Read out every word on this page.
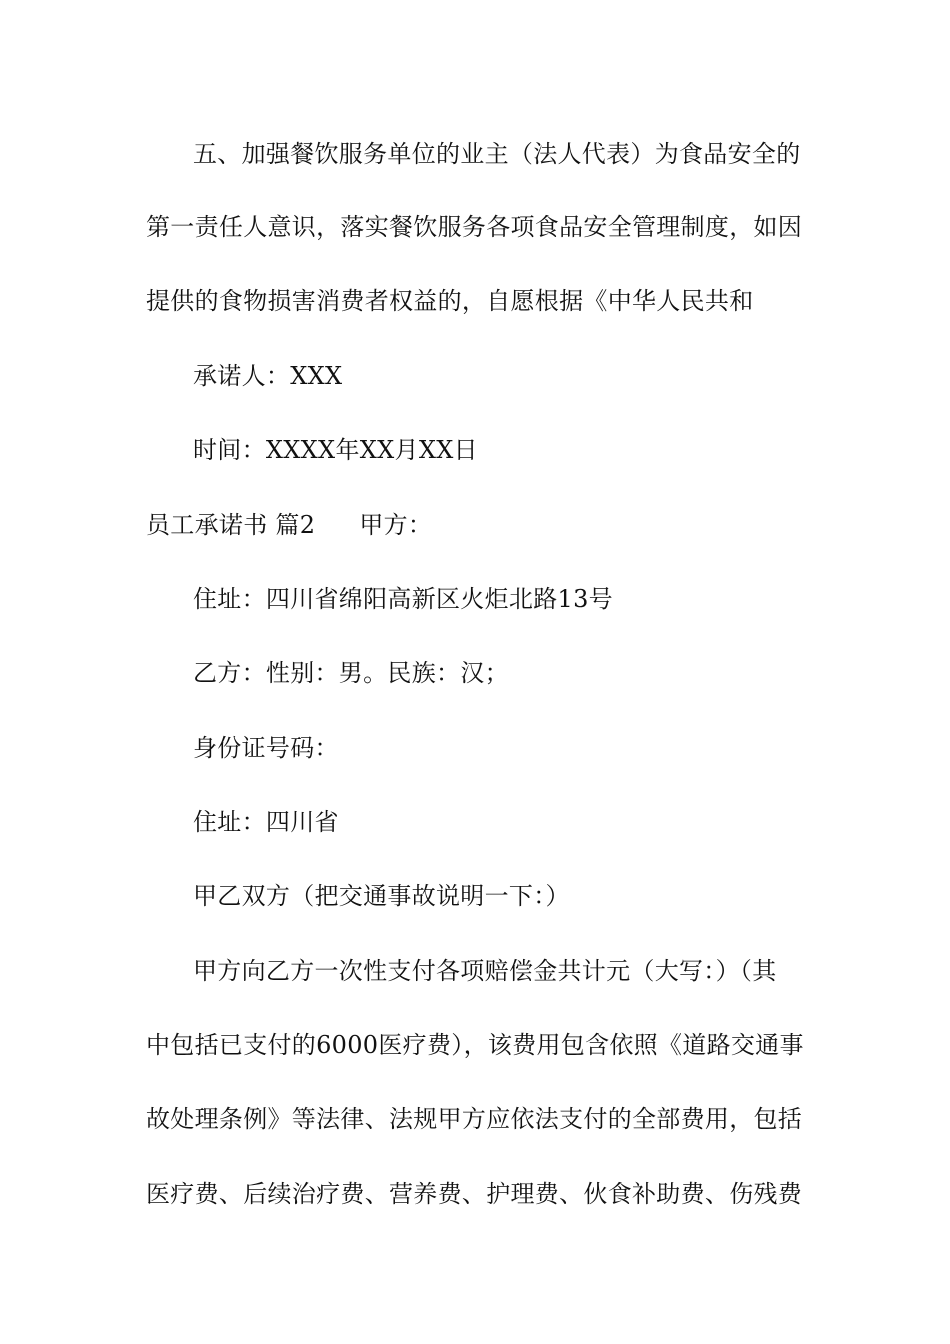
五、加强餐饮服务单位的业主（法人代表）为食品安全的
第一责任人意识，落实餐饮服务各项食品安全管理制度，如因
提供的食物损害消费者权益的，自愿根据《中华人民共和
承诺人：XXX
时间：XXXX年XX月XX日
员工承诺书 篇2 甲方：
住址：四川省绵阳高新区火炬北路13号
乙方：性别：男。民族：汉；
身份证号码：
住址：四川省
甲乙双方（把交通事故说明一下：）
甲方向乙方一次性支付各项赔偿金共计元（大写：）（其
中包括已支付的6000医疗费），该费用包含依照《道路交通事
故处理条例》等法律、法规甲方应依法支付的全部费用，包括
医疗费、后续治疗费、营养费、护理费、伙食补助费、伤残费
